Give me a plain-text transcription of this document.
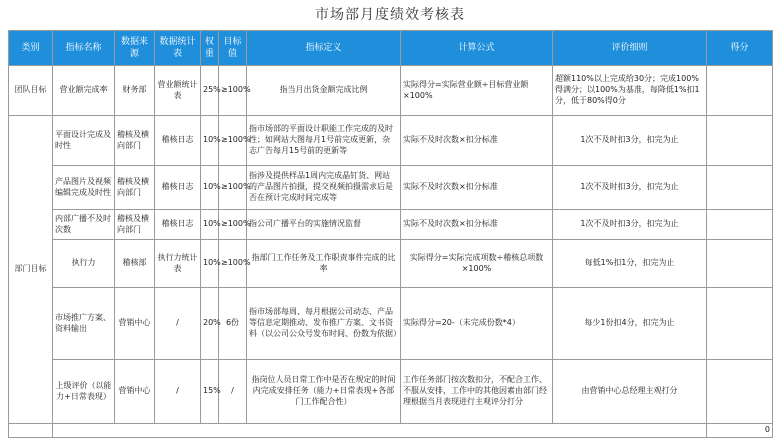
市场部月度绩效考核表
类别	指标名称	数据来源	数据统计表	权重	目标值	指标定义	计算公式	评价细则	得分
团队目标	营业额完成率	财务部	营业额统计表	25%	≥100%	指当月出货金额完成比例	实际得分=实际营业额÷目标营业额×100%	超额110%以上完成给30分；完成100%得满分；以100%为基准，每降低1%扣1分，低于80%得0分	
部门目标	平面设计完成及时性	稽核及横向部门	稽核日志	10%	≥100%	指市场部的平面设计职能工作完成的及时性；如网站大图每月1号前完成更新，杂志广告每月15号前的更新等	实际不及时次数×扣分标准	1次不及时扣3分，扣完为止	
	产品图片及视频编辑完成及时性	稽核及横向部门	稽核日志	10%	≥100%	指涉及提供样品1周内完成晶钉货、网站的产品图片拍摄，提交视频拍摄需求后是否在预计完成时间完成等	实际不及时次数×扣分标准	1次不及时扣3分，扣完为止	
	内部广播不及时次数	稽核及横向部门	稽核日志	10%	≥100%	指公司广播平台的实施情况监督	实际不及时次数×扣分标准	1次不及时扣3分，扣完为止	
	执行力	稽核部	执行力统计表	10%	≥100%	指部门工作任务及工作职责事件完成的比率	实际得分=实际完成项数÷稽核总项数×100%	每低1%扣1分，扣完为止	
	市场推广方案、资料输出	营销中心	/	20%	6份	指市场部每周、每月根据公司动态、产品等信息定期推动、发布推广方案、文书资料（以公司公众号发布时间、份数为依据）	实际得分=20-（未完成份数*4）	每少1份扣4分，扣完为止	
	上级评价（以能力+日常表现）	营销中心	/	15%	/	指岗位人员日常工作中是否在规定的时间内完成安排任务（能力+日常表现+各部门工作配合性）	工作任务部门按次数扣分，不配合工作、不服从安排，工作中的其他因素由部门经理根据当月表现进行主观评分打分	由营销中心总经理主观打分	
									0
